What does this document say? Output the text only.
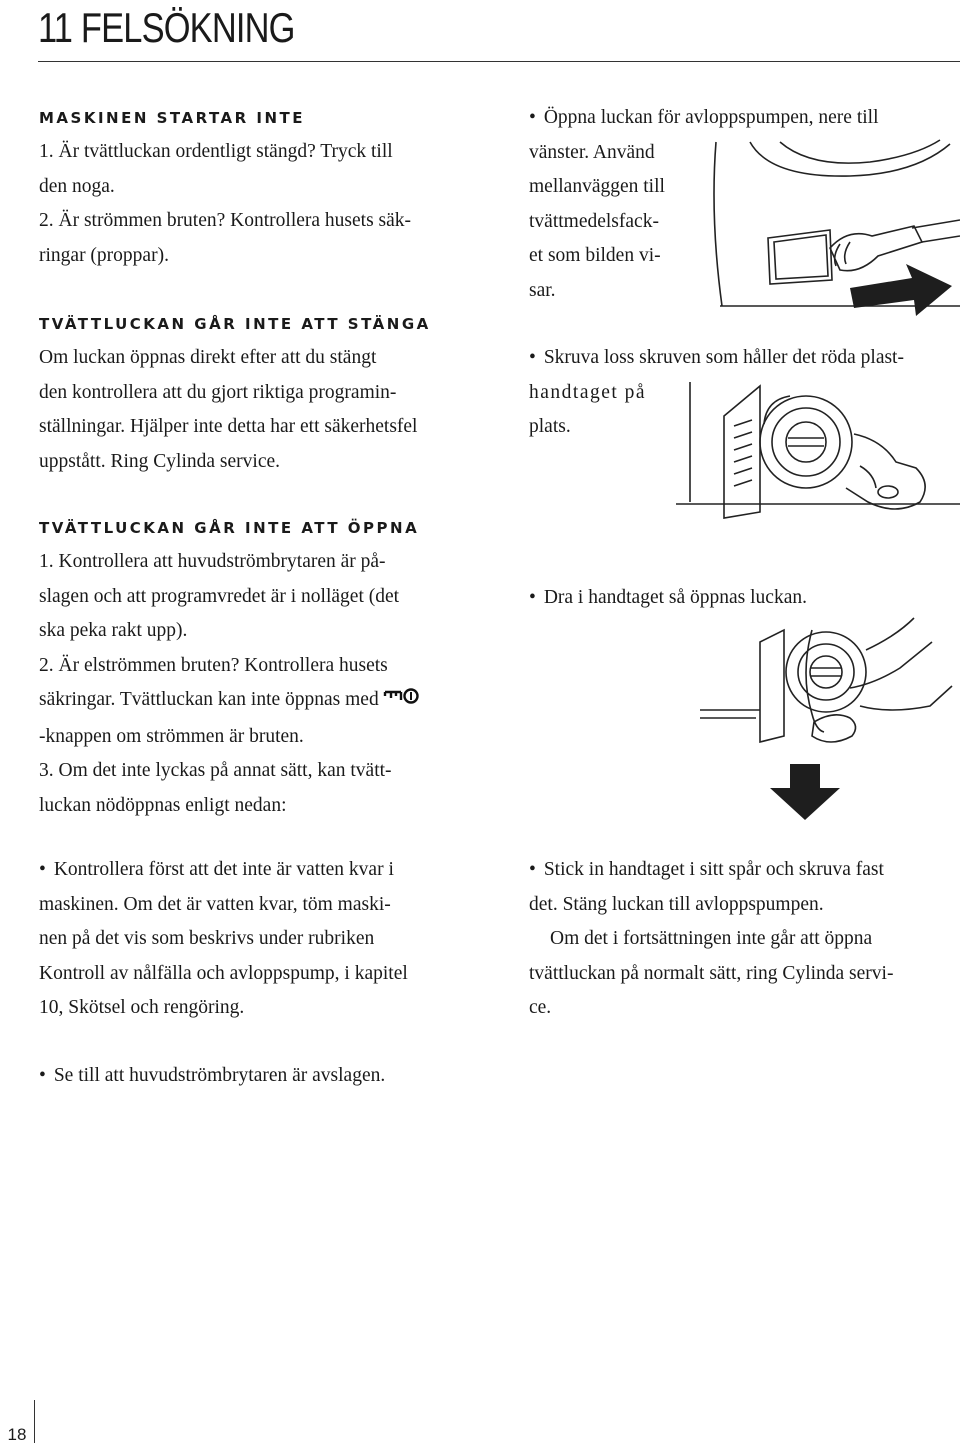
11 FELSÖKNING
MASKINEN STARTAR INTE

1. Är tvättluckan ordentligt stängd? Tryck till

den noga.

2. Är strömmen bruten? Kontrollera husets säk-

ringar (proppar).

TVÄTTLUCKAN GÅR INTE ATT STÄNGA

Om luckan öppnas direkt efter att du stängt

den kontrollera att du gjort riktiga programin-

ställningar. Hjälper inte detta har ett säkerhetsfel

uppstått. Ring Cylinda service.

TVÄTTLUCKAN GÅR INTE ATT ÖPPNA

1. Kontrollera att huvudströmbrytaren är på-

slagen och att programvredet är i nolläget (det

ska peka rakt upp).

2. Är elströmmen bruten? Kontrollera husets

säkringar. Tvättluckan kan inte öppnas med

-knappen om strömmen är bruten.

3. Om det inte lyckas på annat sätt, kan tvätt-

luckan nödöppnas enligt nedan:

• Kontrollera först att det inte är vatten kvar i

maskinen. Om det är vatten kvar, töm maski-

nen på det vis som beskrivs under rubriken

Kontroll av nålfälla och avloppspump, i kapitel

10, Skötsel och rengöring.

• Se till att huvudströmbrytaren är avslagen.

• Öppna luckan för avloppspumpen, nere till

vänster. Använd

mellanväggen till

tvättmedelsfack-

et som bilden vi-

sar.

• Skruva loss skruven som håller det röda plast-

handtaget på

plats.

• Dra i handtaget så öppnas luckan.

• Stick in handtaget i sitt spår och skruva fast

det. Stäng luckan till avloppspumpen.

Om det i fortsättningen inte går att öppna

tvättluckan på normalt sätt, ring Cylinda servi-

ce.

18
